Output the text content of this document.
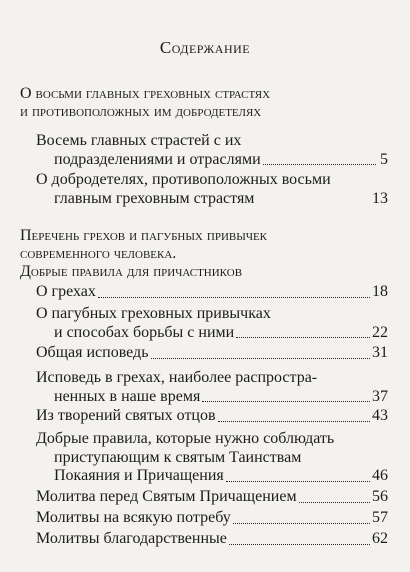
Содержание
О восьми главных греховных страстях
и противоположных им добродетелях
Восемь главных страстей с их
подразделениями и отраслями	5
О добродетелях, противоположных восьми
главным греховным страстям	13
Перечень грехов и пагубных привычек
современного человека.
Добрые правила для причастников
О грехах	18
О пагубных греховных привычках
и способах борьбы с ними	22
Общая исповедь	31
Исповедь в грехах, наиболее распростра-
ненных в наше время	37
Из творений святых отцов	43
Добрые правила, которые нужно соблюдать
приступающим к святым Таинствам
Покаяния и Причащения	46
Молитва перед Святым Причащением	56
Молитвы на всякую потребу	57
Молитвы благодарственные	62
